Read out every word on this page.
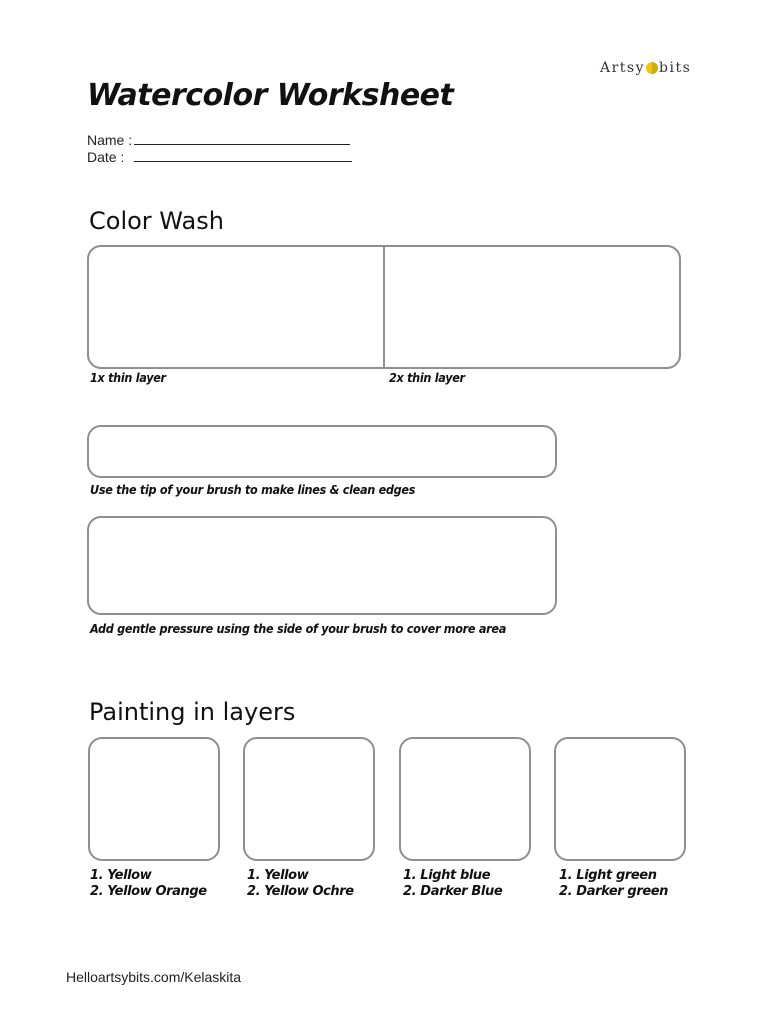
Artsy bits
Watercolor Worksheet
Name :
Date :
Color Wash
1x thin layer	2x thin layer
Use the tip of your brush to make lines & clean edges
Add gentle pressure using the side of your brush to cover more area
Painting in layers
1. Yellow
2. Yellow Orange
1. Yellow
2. Yellow Ochre
1. Light blue
2. Darker Blue
1. Light green
2. Darker green
Helloartsybits.com/Kelaskita
